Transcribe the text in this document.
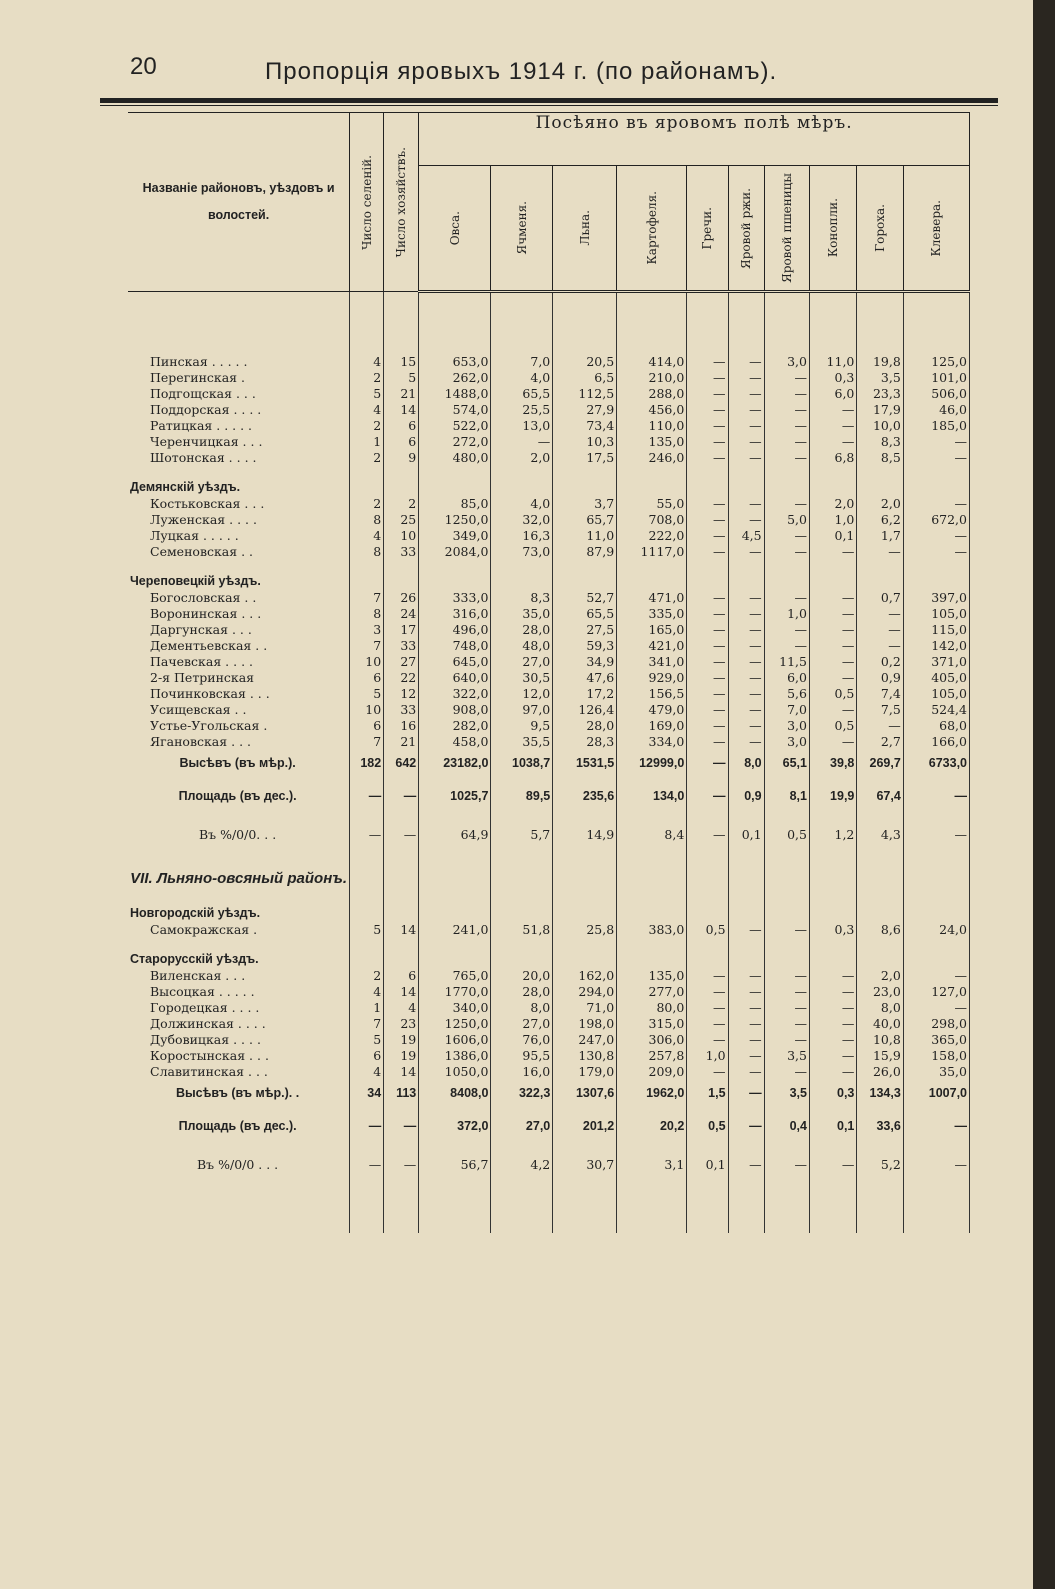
20	Пропорція яровыхъ 1914 г. (по районамъ).
Названіе районовъ, уѣздовъ и волостей.	Число селеній.	Число хозяйствъ.	Посѣяно въ яровомъ полѣ мѣръ.									

			Овса.	Ячменя.	Льна.	Картофеля.	Гречи.	Яровой ржи.	Яровой пшеницы	Конопли.	Гороха.	Клевера.

Пинская . . . . .	4	15	653,0	7,0	20,5	414,0	—	—	3,0	11,0	19,8	125,0
Перегинская .	2	5	262,0	4,0	6,5	210,0	—	—	—	0,3	3,5	101,0
Подгощская . . .	5	21	1488,0	65,5	112,5	288,0	—	—	—	6,0	23,3	506,0
Поддорская . . . .	4	14	574,0	25,5	27,9	456,0	—	—	—	—	17,9	46,0
Ратицкая . . . . .	2	6	522,0	13,0	73,4	110,0	—	—	—	—	10,0	185,0
Черенчицкая . . .	1	6	272,0	—	10,3	135,0	—	—	—	—	8,3	—
Шотонская . . . .	2	9	480,0	2,0	17,5	246,0	—	—	—	6,8	8,5	—

Демянскій уѣздъ.												
Костьковская . . .	2	2	85,0	4,0	3,7	55,0	—	—	—	2,0	2,0	—
Луженская . . . .	8	25	1250,0	32,0	65,7	708,0	—	—	5,0	1,0	6,2	672,0
Луцкая . . . . .	4	10	349,0	16,3	11,0	222,0	—	4,5	—	0,1	1,7	—
Семеновская . .	8	33	2084,0	73,0	87,9	1117,0	—	—	—	—	—	—

Череповецкій уѣздъ.												
Богословская . .	7	26	333,0	8,3	52,7	471,0	—	—	—	—	0,7	397,0
Воронинская . . .	8	24	316,0	35,0	65,5	335,0	—	—	1,0	—	—	105,0
Даргунская . . .	3	17	496,0	28,0	27,5	165,0	—	—	—	—	—	115,0
Дементьевская . .	7	33	748,0	48,0	59,3	421,0	—	—	—	—	—	142,0
Пачевская . . . .	10	27	645,0	27,0	34,9	341,0	—	—	11,5	—	0,2	371,0
2-я Петринская	6	22	640,0	30,5	47,6	929,0	—	—	6,0	—	0,9	405,0
Починковская . . .	5	12	322,0	12,0	17,2	156,5	—	—	5,6	0,5	7,4	105,0
Усищевская . .	10	33	908,0	97,0	126,4	479,0	—	—	7,0	—	7,5	524,4
Устье-Угольская .	6	16	282,0	9,5	28,0	169,0	—	—	3,0	0,5	—	68,0
Ягановская . . .	7	21	458,0	35,5	28,3	334,0	—	—	3,0	—	2,7	166,0
Высѣвъ (въ мѣр.).	182	642	23182,0	1038,7	1531,5	12999,0	—	8,0	65,1	39,8	269,7	6733,0
Площадь (въ дес.).	—	—	1025,7	89,5	235,6	134,0	—	0,9	8,1	19,9	67,4	—
Въ %/0/0. . .	—	—	64,9	5,7	14,9	8,4	—	0,1	0,5	1,2	4,3	—
VII. Льняно-овсяный районъ.												
Новгородскій уѣздъ.												
Самокражская .	5	14	241,0	51,8	25,8	383,0	0,5	—	—	0,3	8,6	24,0

Старорусскій уѣздъ.												
Виленская . . .	2	6	765,0	20,0	162,0	135,0	—	—	—	—	2,0	—
Высоцкая . . . . .	4	14	1770,0	28,0	294,0	277,0	—	—	—	—	23,0	127,0
Городецкая . . . .	1	4	340,0	8,0	71,0	80,0	—	—	—	—	8,0	—
Должинская . . . .	7	23	1250,0	27,0	198,0	315,0	—	—	—	—	40,0	298,0
Дубовицкая . . . .	5	19	1606,0	76,0	247,0	306,0	—	—	—	—	10,8	365,0
Коростынская . . .	6	19	1386,0	95,5	130,8	257,8	1,0	—	3,5	—	15,9	158,0
Славитинская . . .	4	14	1050,0	16,0	179,0	209,0	—	—	—	—	26,0	35,0
Высѣвъ (въ мѣр.). .	34	113	8408,0	322,3	1307,6	1962,0	1,5	—	3,5	0,3	134,3	1007,0
Площадь (въ дес.).	—	—	372,0	27,0	201,2	20,2	0,5	—	0,4	0,1	33,6	—
Въ %/0/0 . . .	—	—	56,7	4,2	30,7	3,1	0,1	—	—	—	5,2	—
